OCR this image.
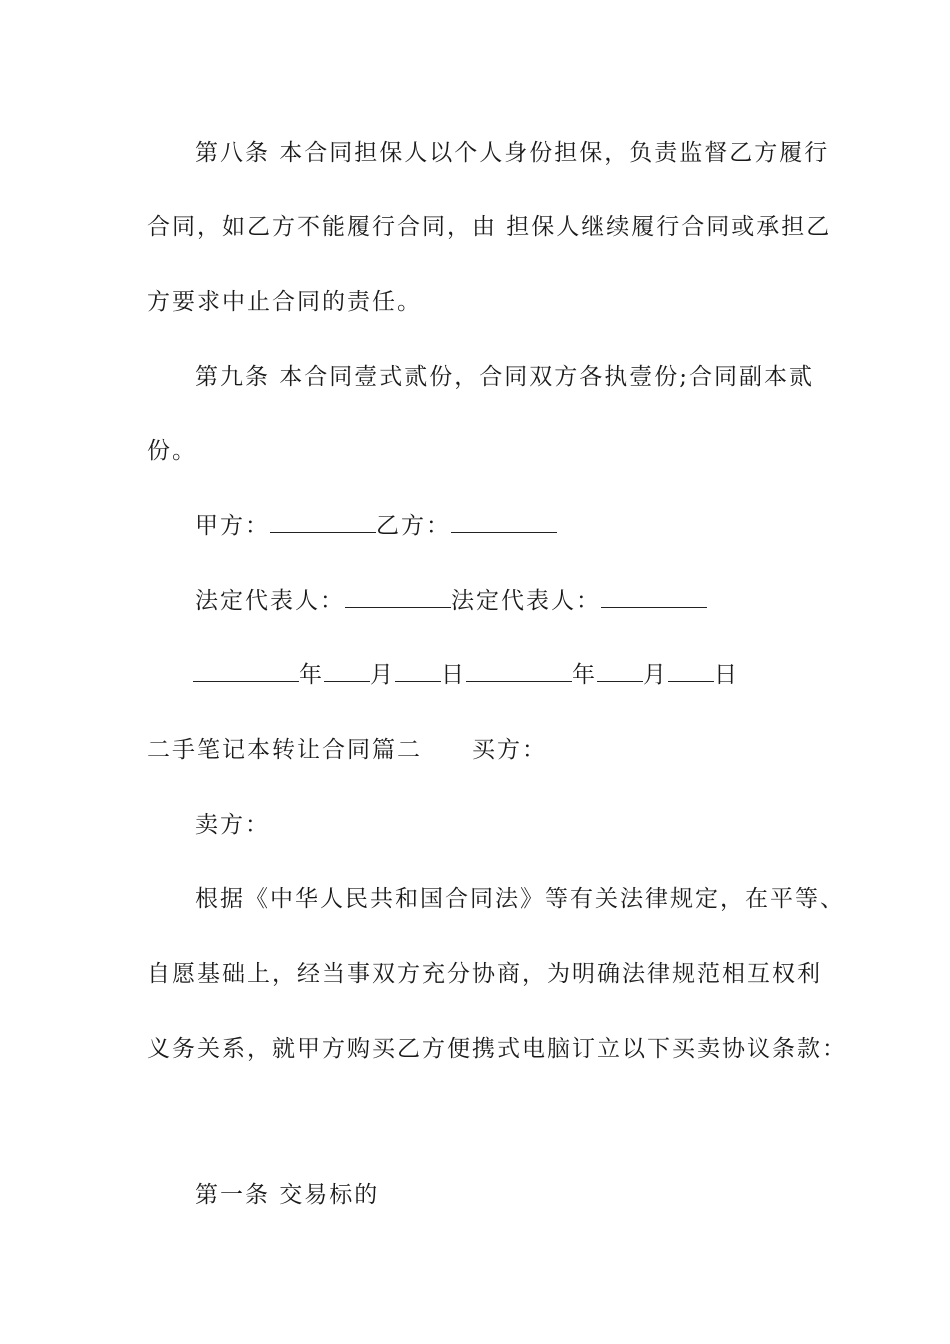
第八条 本合同担保人以个人身份担保，负责监督乙方履行
合同，如乙方不能履行合同，由 担保人继续履行合同或承担乙
方要求中止合同的责任。
第九条 本合同壹式贰份，合同双方各执壹份;合同副本贰
份。
甲方：	乙方：
法定代表人：	法定代表人：
年 月 日	年 月 日
二手笔记本转让合同篇二 买方：
卖方：
根据《中华人民共和国合同法》等有关法律规定，在平等、
自愿基础上，经当事双方充分协商，为明确法律规范相互权利
义务关系，就甲方购买乙方便携式电脑订立以下买卖协议条款：
第一条 交易标的
